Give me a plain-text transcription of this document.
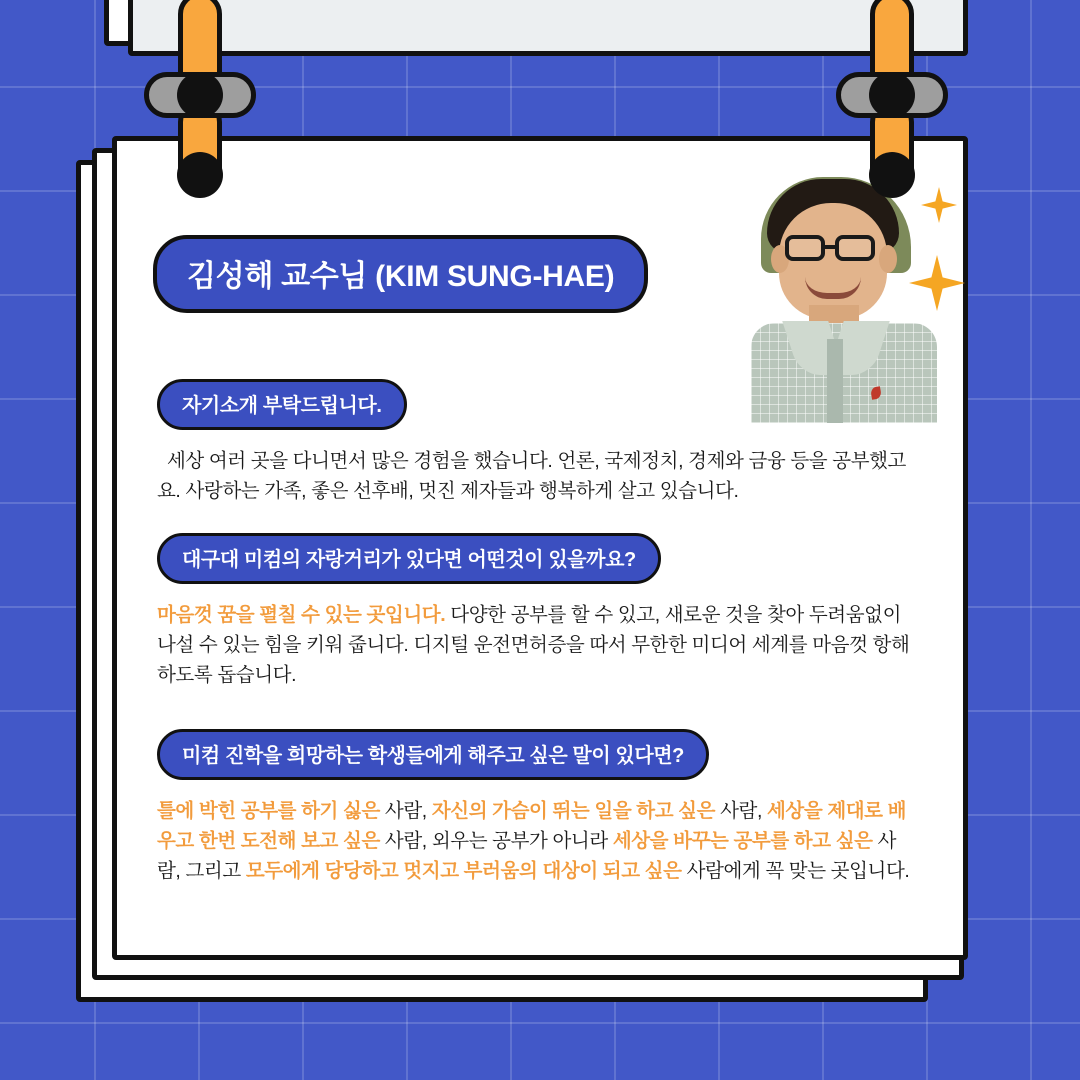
김성해 교수님 (KIM SUNG-HAE)
자기소개 부탁드립니다.

세상 여러 곳을 다니면서 많은 경험을 했습니다. 언론, 국제정치, 경제와 금융 등을 공부했고요. 사랑하는 가족, 좋은 선후배, 멋진 제자들과 행복하게 살고 있습니다.

대구대 미컴의 자랑거리가 있다면 어떤것이 있을까요?

마음껏 꿈을 펼칠 수 있는 곳입니다. 다양한 공부를 할 수 있고, 새로운 것을 찾아 두려움없이 나설 수 있는 힘을 키워 줍니다. 디지털 운전면허증을 따서 무한한 미디어 세계를 마음껏 항해하도록 돕습니다.

미컴 진학을 희망하는 학생들에게 해주고 싶은 말이 있다면?

틀에 박힌 공부를 하기 싫은 사람, 자신의 가슴이 뛰는 일을 하고 싶은 사람, 세상을 제대로 배우고 한번 도전해 보고 싶은 사람, 외우는 공부가 아니라 세상을 바꾸는 공부를 하고 싶은 사람, 그리고 모두에게 당당하고 멋지고 부러움의 대상이 되고 싶은 사람에게 꼭 맞는 곳입니다.
